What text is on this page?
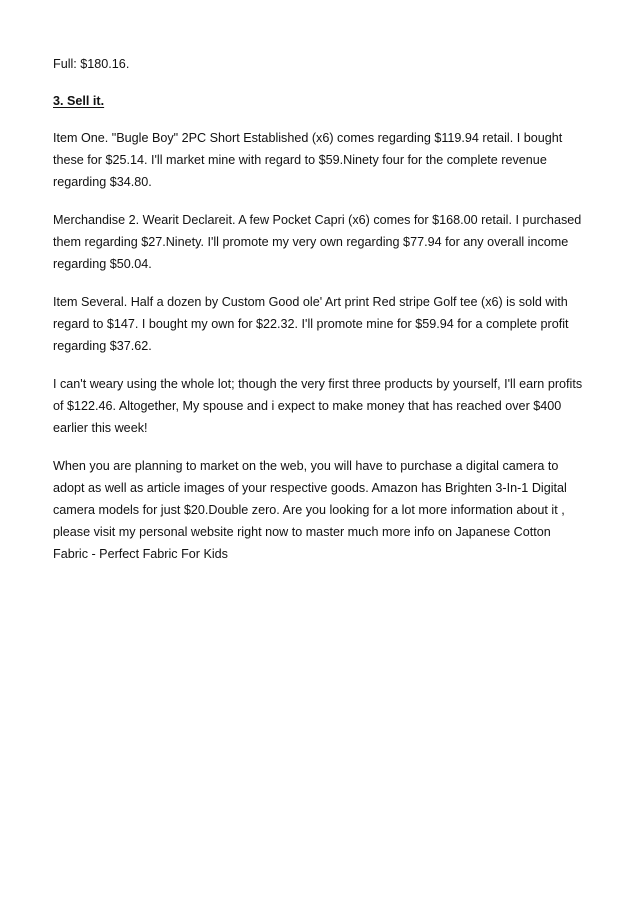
Full: $180.16.

3. Sell it.

Item One. "Bugle Boy" 2PC Short Established (x6) comes regarding $119.94 retail. I bought these for $25.14. I'll market mine with regard to $59.Ninety four for the complete revenue regarding $34.80.

Merchandise 2. Wearit Declareit. A few Pocket Capri (x6) comes for $168.00 retail. I purchased them regarding $27.Ninety. I'll promote my very own regarding $77.94 for any overall income regarding $50.04.

Item Several. Half a dozen by Custom Good ole' Art print Red stripe Golf tee (x6) is sold with regard to $147. I bought my own for $22.32. I'll promote mine for $59.94 for a complete profit regarding $37.62.

I can't weary using the whole lot; though the very first three products by yourself, I'll earn profits of $122.46. Altogether, My spouse and i expect to make money that has reached over $400 earlier this week!

When you are planning to market on the web, you will have to purchase a digital camera to adopt as well as article images of your respective goods. Amazon has Brighten 3-In-1 Digital camera models for just $20.Double zero. Are you looking for a lot more information about it , please visit my personal website right now to master much more info on Japanese Cotton Fabric - Perfect Fabric For Kids
